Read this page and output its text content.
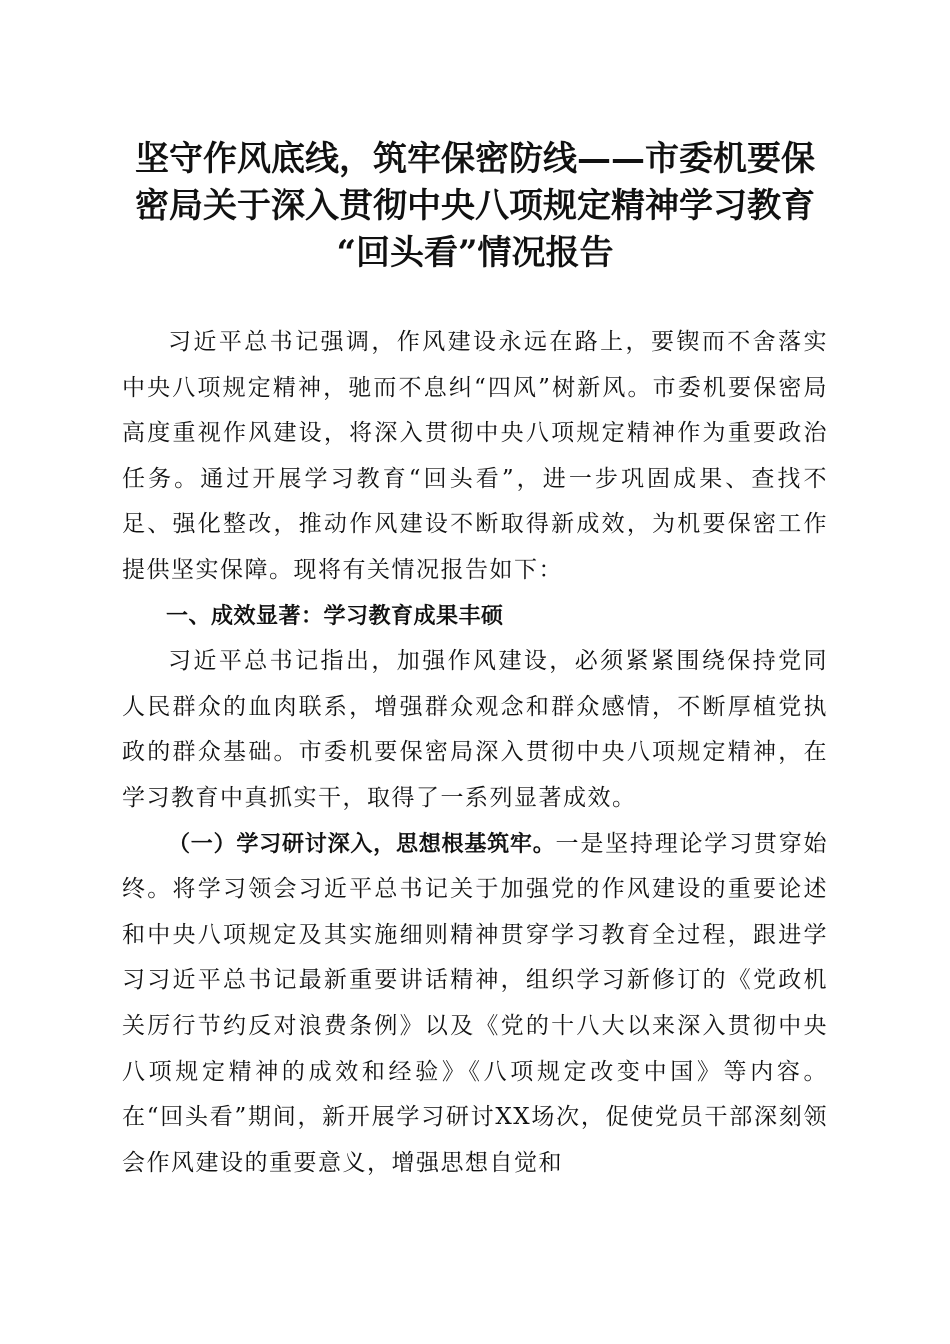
坚守作风底线，筑牢保密防线——市委机要保
密局关于深入贯彻中央八项规定精神学习教育
“回头看”情况报告

习近平总书记强调，作风建设永远在路上，要锲而不舍落实中央八项规定精神，驰而不息纠“四风”树新风。市委机要保密局高度重视作风建设，将深入贯彻中央八项规定精神作为重要政治任务。通过开展学习教育“回头看”，进一步巩固成果、查找不足、强化整改，推动作风建设不断取得新成效，为机要保密工作提供坚实保障。现将有关情况报告如下：

一、成效显著：学习教育成果丰硕

习近平总书记指出，加强作风建设，必须紧紧围绕保持党同人民群众的血肉联系，增强群众观念和群众感情，不断厚植党执政的群众基础。市委机要保密局深入贯彻中央八项规定精神，在学习教育中真抓实干，取得了一系列显著成效。

（一）学习研讨深入，思想根基筑牢。一是坚持理论学习贯穿始终。将学习领会习近平总书记关于加强党的作风建设的重要论述和中央八项规定及其实施细则精神贯穿学习教育全过程，跟进学习习近平总书记最新重要讲话精神，组织学习新修订的《党政机关厉行节约反对浪费条例》以及《党的十八大以来深入贯彻中央八项规定精神的成效和经验》《八项规定改变中国》等内容。在“回头看”期间，新开展学习研讨XX场次，促使党员干部深刻领会作风建设的重要意义，增强思想自觉和
